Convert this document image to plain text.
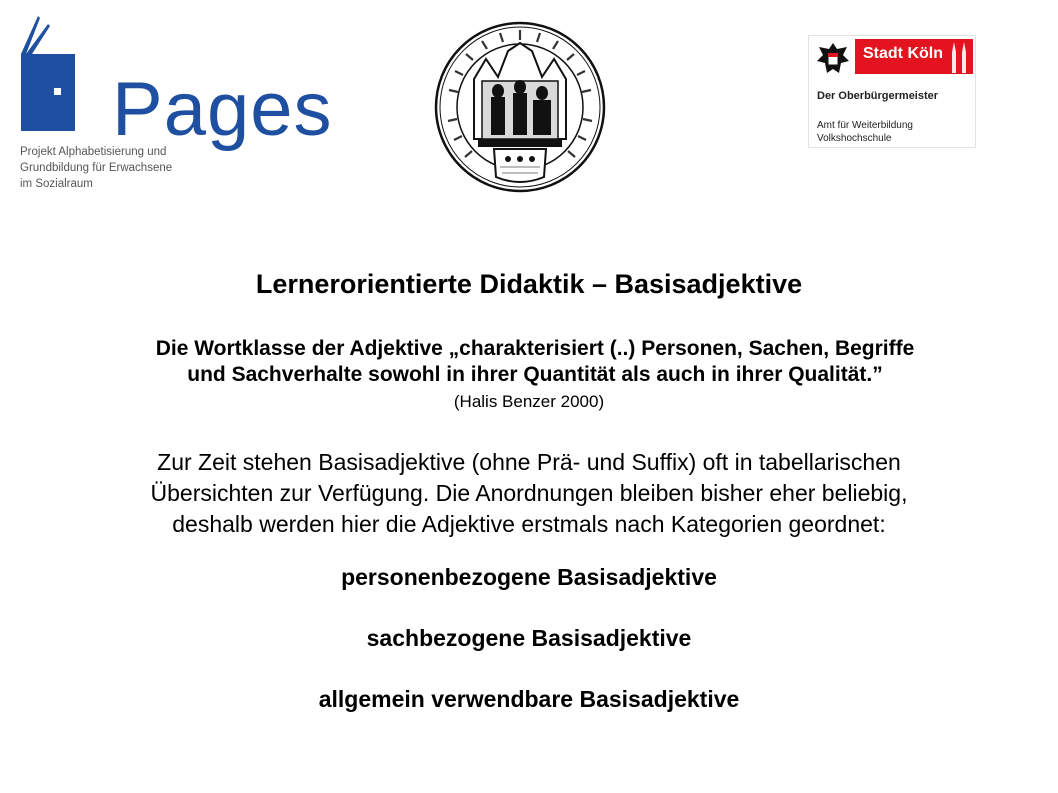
Pages
Projekt Alphabetisierung und
Grundbildung für Erwachsene
im Sozialraum
Stadt Köln
Der Oberbürgermeister
Amt für Weiterbildung
Volkshochschule
Lernerorientierte Didaktik – Basisadjektive
Die Wortklasse der Adjektive „charakterisiert (..) Personen, Sachen, Begriffe
und Sachverhalte sowohl in ihrer Quantität als auch in ihrer Qualität.”
(Halis Benzer 2000)
Zur Zeit stehen Basisadjektive (ohne Prä- und Suffix) oft in tabellarischen
Übersichten zur Verfügung. Die Anordnungen bleiben bisher eher beliebig,
deshalb werden hier die Adjektive erstmals nach Kategorien geordnet:
personenbezogene Basisadjektive
sachbezogene Basisadjektive
allgemein verwendbare Basisadjektive
